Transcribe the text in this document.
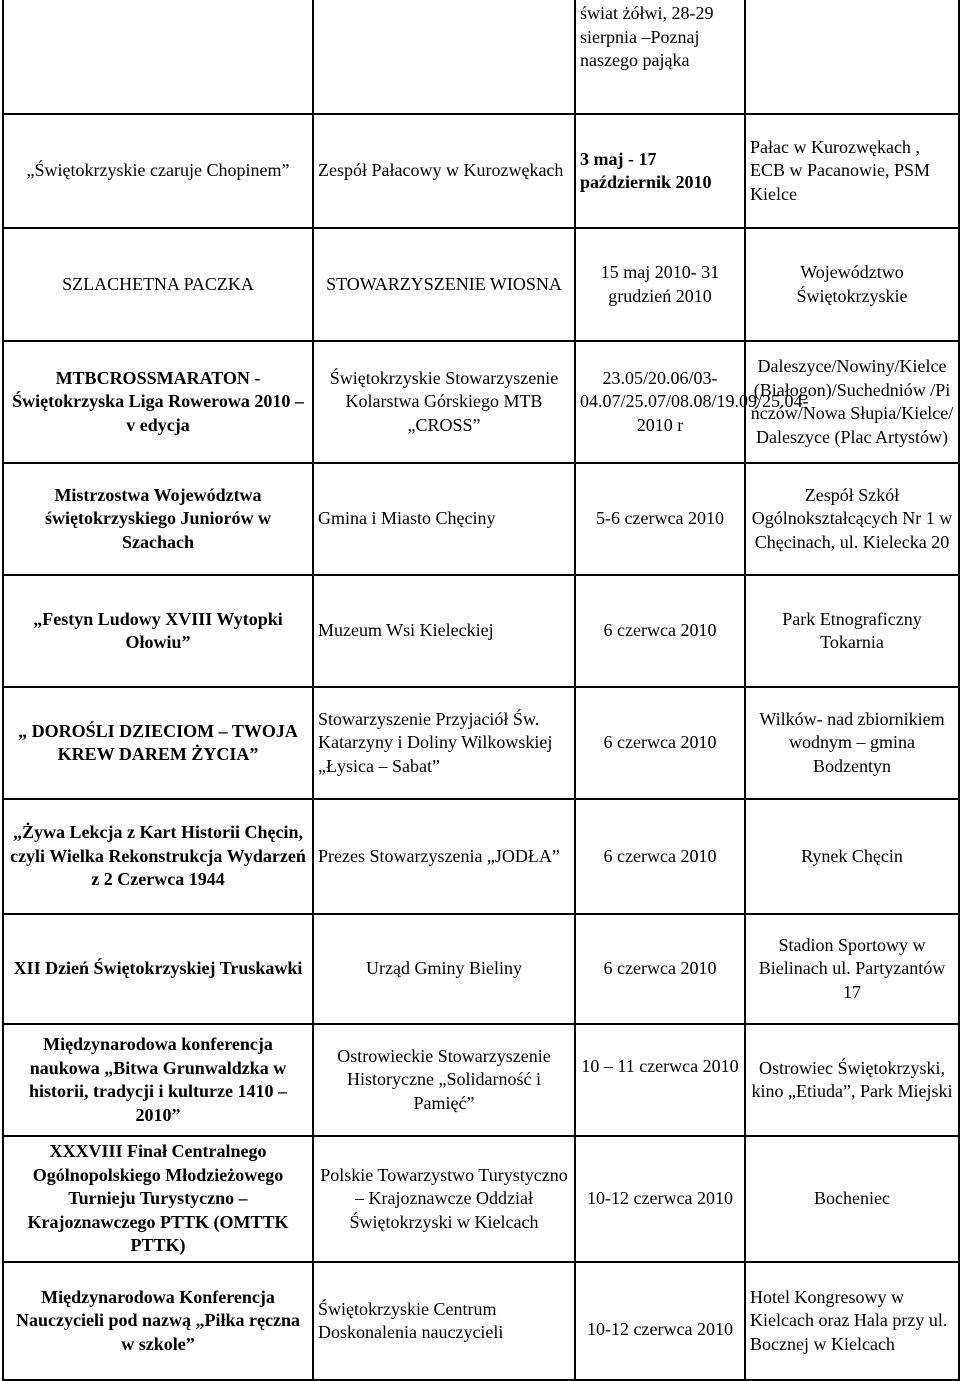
		świat żółwi, 28-29 sierpnia –Poznaj naszego pająka	
„Świętokrzyskie czaruje Chopinem”	Zespół Pałacowy w Kurozwękach	3 maj - 17 październik 2010	Pałac w Kurozwękach , ECB w Pacanowie, PSM Kielce
SZLACHETNA PACZKA	STOWARZYSZENIE WIOSNA	15 maj 2010- 31 grudzień 2010	Województwo Świętokrzyskie
MTBCROSSMARATON - Świętokrzyska Liga Rowerowa 2010 – v edycja	Świętokrzyskie Stowarzyszenie Kolarstwa Górskiego MTB „CROSS”	23.05/20.06/03-04.07/25.07/08.08/19.09/25.04- 2010 r	Daleszyce/Nowiny/Kielce(Białogon)/Suchedniów /Pińczów/Nowa Słupia/Kielce/Daleszyce (Plac Artystów)
Mistrzostwa Województwa świętokrzyskiego Juniorów w Szachach	Gmina i Miasto Chęciny	5-6 czerwca 2010	Zespół Szkół Ogólnokształcących Nr 1 w Chęcinach, ul. Kielecka 20
„Festyn Ludowy XVIII Wytopki Ołowiu”	Muzeum Wsi Kieleckiej	6 czerwca 2010	Park Etnograficzny Tokarnia
„ DOROŚLI DZIECIOM – TWOJA KREW DAREM ŻYCIA”	Stowarzyszenie Przyjaciół Św. Katarzyny i Doliny Wilkowskiej „Łysica – Sabat”	6 czerwca 2010	Wilków- nad zbiornikiem wodnym – gmina Bodzentyn
„Żywa Lekcja z Kart Historii Chęcin, czyli Wielka Rekonstrukcja Wydarzeń z 2 Czerwca 1944	Prezes Stowarzyszenia „JODŁA”	6 czerwca 2010	Rynek Chęcin
XII Dzień Świętokrzyskiej Truskawki	Urząd Gminy Bieliny	6 czerwca 2010	Stadion Sportowy w Bielinach ul. Partyzantów 17
Międzynarodowa konferencja naukowa „Bitwa Grunwaldzka w historii, tradycji i kulturze 1410 – 2010”	Ostrowieckie Stowarzyszenie Historyczne „Solidarność i Pamięć”	10 – 11 czerwca 2010	Ostrowiec Świętokrzyski, kino „Etiuda”, Park Miejski
XXXVIII Finał Centralnego Ogólnopolskiego Młodzieżowego Turnieju Turystyczno – Krajoznawczego PTTK (OMTTK PTTK)	Polskie Towarzystwo Turystyczno – Krajoznawcze Oddział Świętokrzyski w Kielcach	10-12 czerwca 2010	Bocheniec
Międzynarodowa Konferencja Nauczycieli pod nazwą „Piłka ręczna w szkole”	Świętokrzyskie Centrum Doskonalenia nauczycieli	10-12 czerwca 2010	Hotel Kongresowy w Kielcach oraz Hala przy ul. Bocznej w Kielcach
